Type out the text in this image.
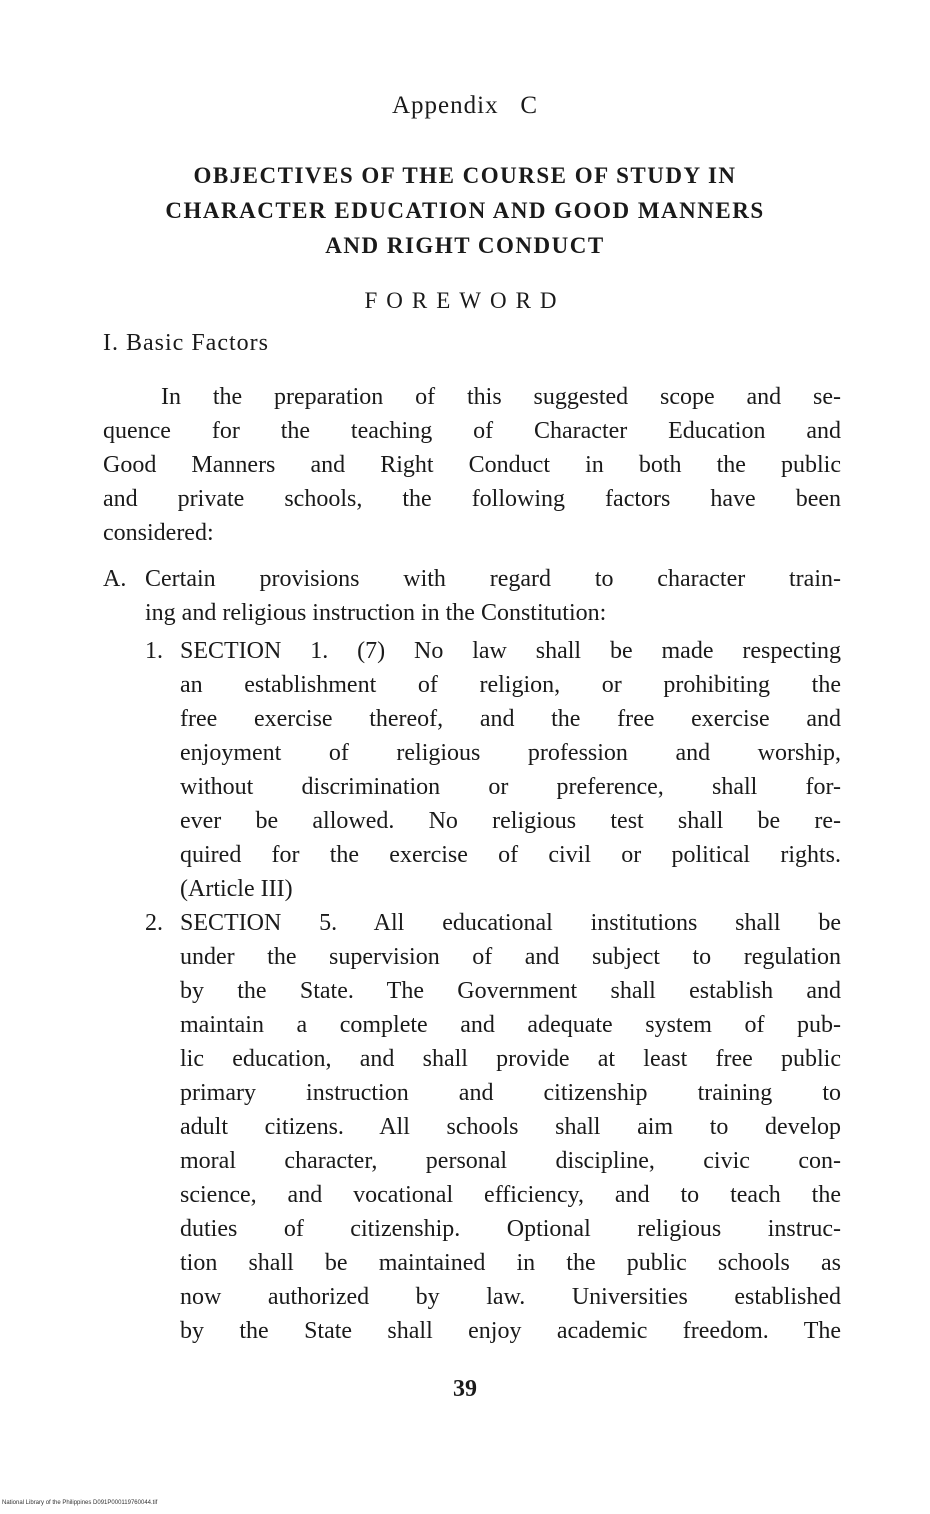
Appendix   C
OBJECTIVES OF THE COURSE OF STUDY IN
CHARACTER EDUCATION AND GOOD MANNERS
AND RIGHT CONDUCT
FOREWORD
I. Basic Factors
In the preparation of this suggested scope and se-
quence for the teaching of Character Education and
Good Manners and Right Conduct in both the public
and private schools, the following factors have been
considered:
A. Certain provisions with regard to character train-
ing and religious instruction in the Constitution:
1. SECTION 1. (7) No law shall be made respecting
an establishment of religion, or prohibiting the
free exercise thereof, and the free exercise and
enjoyment of religious profession and worship,
without discrimination or preference, shall for-
ever be allowed. No religious test shall be re-
quired for the exercise of civil or political rights.
(Article III)
2. SECTION 5. All educational institutions shall be
under the supervision of and subject to regulation
by the State. The Government shall establish and
maintain a complete and adequate system of pub-
lic education, and shall provide at least free public
primary instruction and citizenship training to
adult citizens. All schools shall aim to develop
moral character, personal discipline, civic con-
science, and vocational efficiency, and to teach the
duties of citizenship. Optional religious instruc-
tion shall be maintained in the public schools as
now authorized by law. Universities established
by the State shall enjoy academic freedom. The
39
National Library of the Philippines D091P000119760044.tif
